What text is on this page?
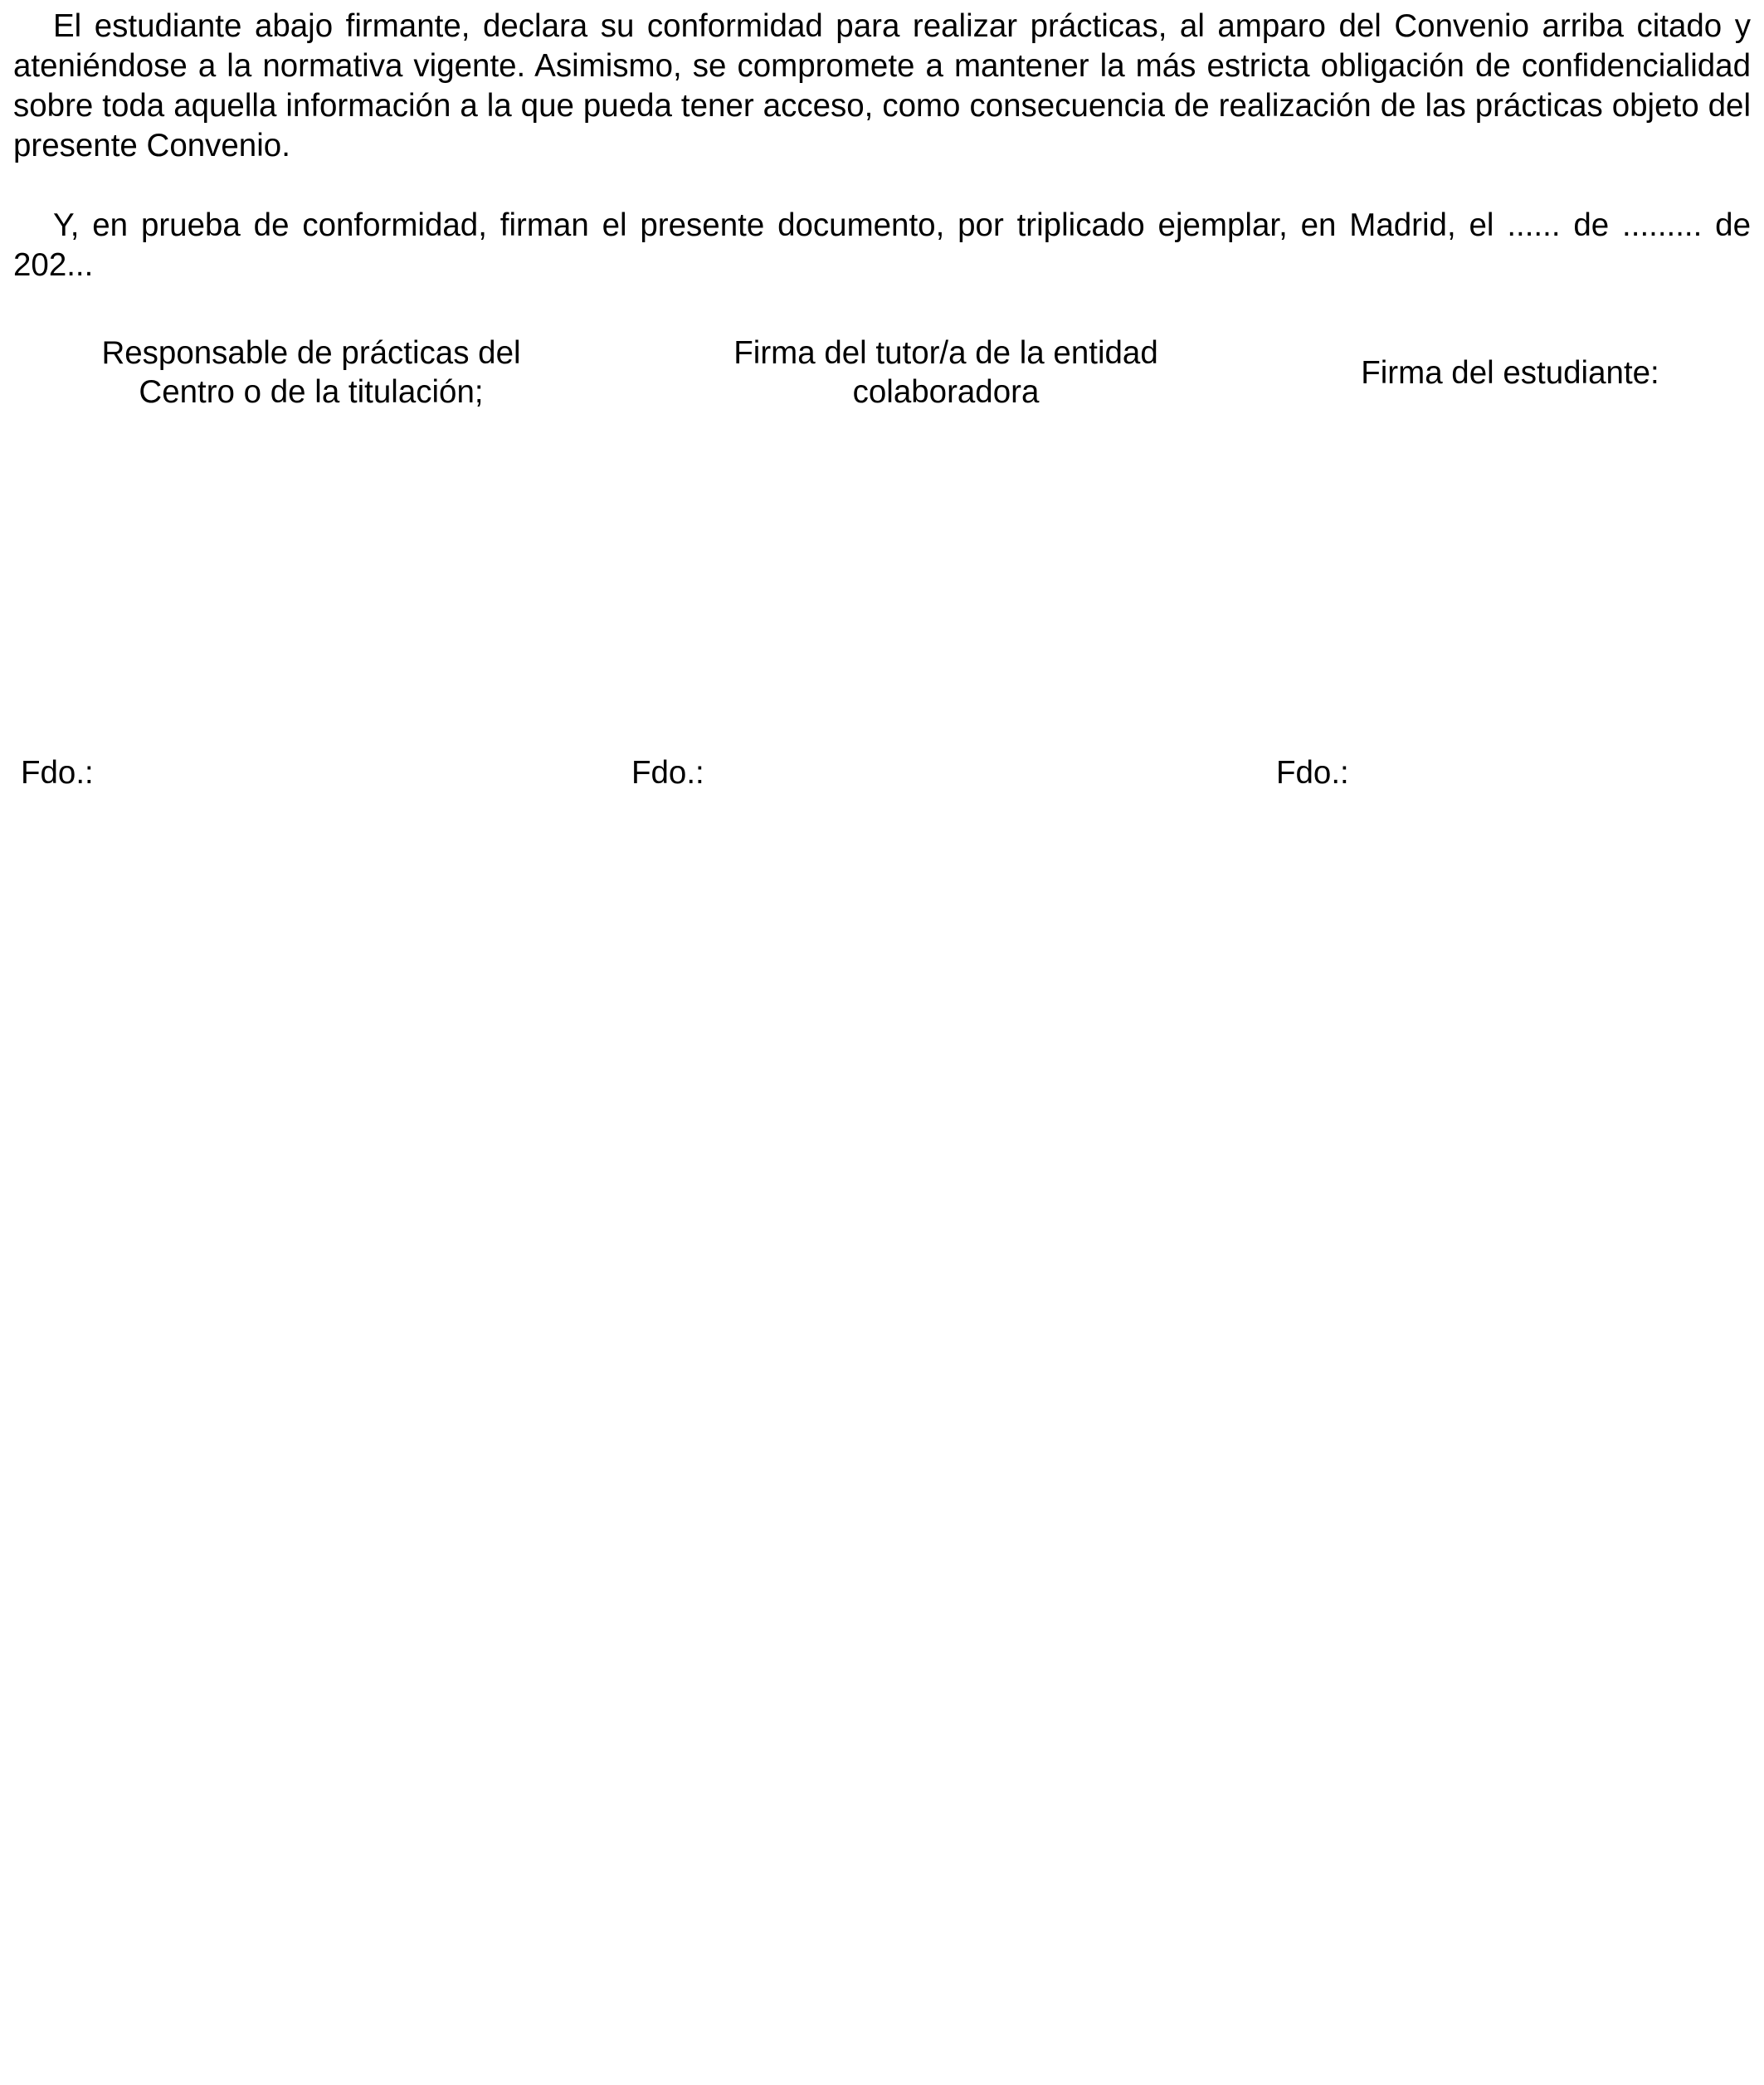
El estudiante abajo firmante, declara su conformidad para realizar prácticas, al amparo del Convenio arriba citado y ateniéndose a la normativa vigente. Asimismo, se compromete a mantener la más estricta obligación de confidencialidad sobre toda aquella información a la que pueda tener acceso, como consecuencia de realización de las prácticas objeto del presente Convenio.

Y, en prueba de conformidad, firman el presente documento, por triplicado ejemplar, en Madrid, el ...... de ......... de 202...

Responsable de prácticas del
Centro o de la titulación;
Firma del tutor/a de la entidad
colaboradora
Firma del estudiante:

Fdo.:	Fdo.:	Fdo.:
